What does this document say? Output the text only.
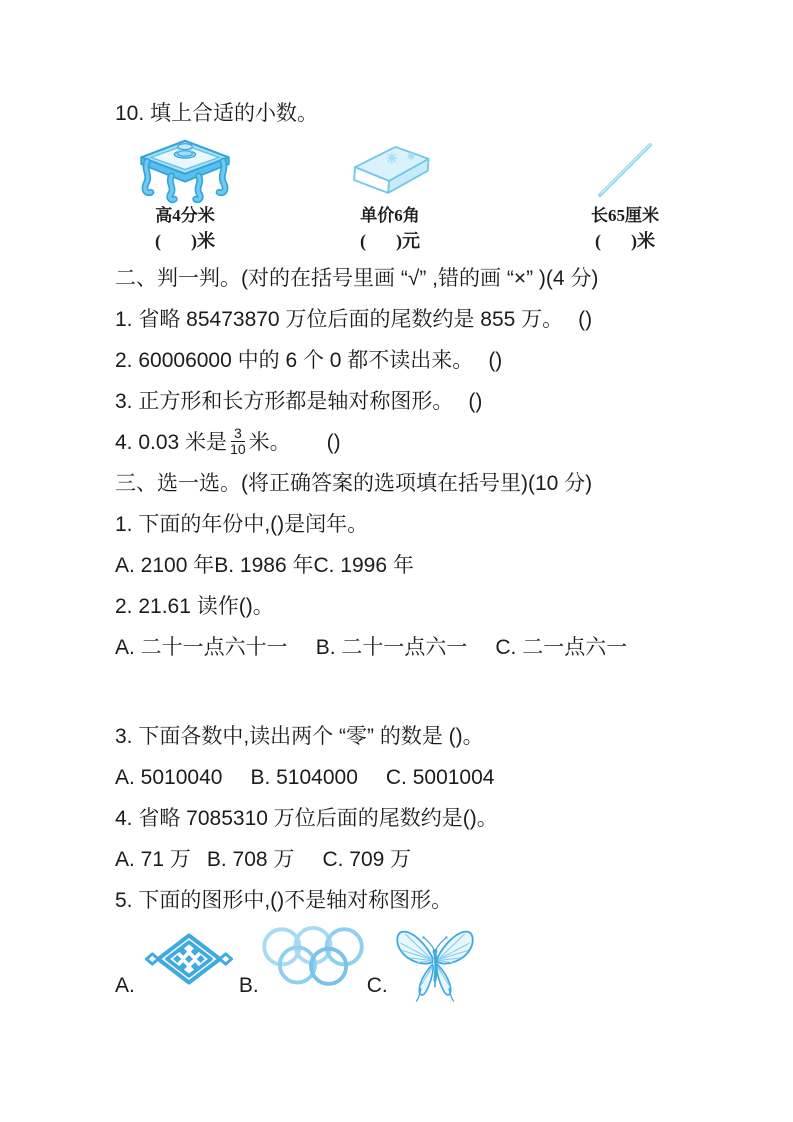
10. 填上合适的小数。

高4分米
( )米
单价6角
( )元
长65厘米
( )米

二、判一判。(对的在括号里画 “√” ,错的画 “×” )(4 分)

1. 省略 85473870 万位后面的尾数约是 855 万。 ()

2. 60006000 中的 6 个 0 都不读出来。 ()

3. 正方形和长方形都是轴对称图形。 ()

4. 0.03 米是 $\frac{3}{10}$ 米。 ()

三、选一选。(将正确答案的选项填在括号里)(10 分)

1. 下面的年份中,()是闰年。

A. 2100 年B. 1986 年C. 1996 年

2. 21.61 读作()。

A. 二十一点六十一 B. 二十一点六一 C. 二一点六一

3. 下面各数中,读出两个 “零” 的数是 ()。

A. 5010040 B. 5104000 C. 5001004

4. 省略 7085310 万位后面的尾数约是()。

A. 71 万 B. 708 万 C. 709 万

5. 下面的图形中,()不是轴对称图形。

A.	B.	C.
